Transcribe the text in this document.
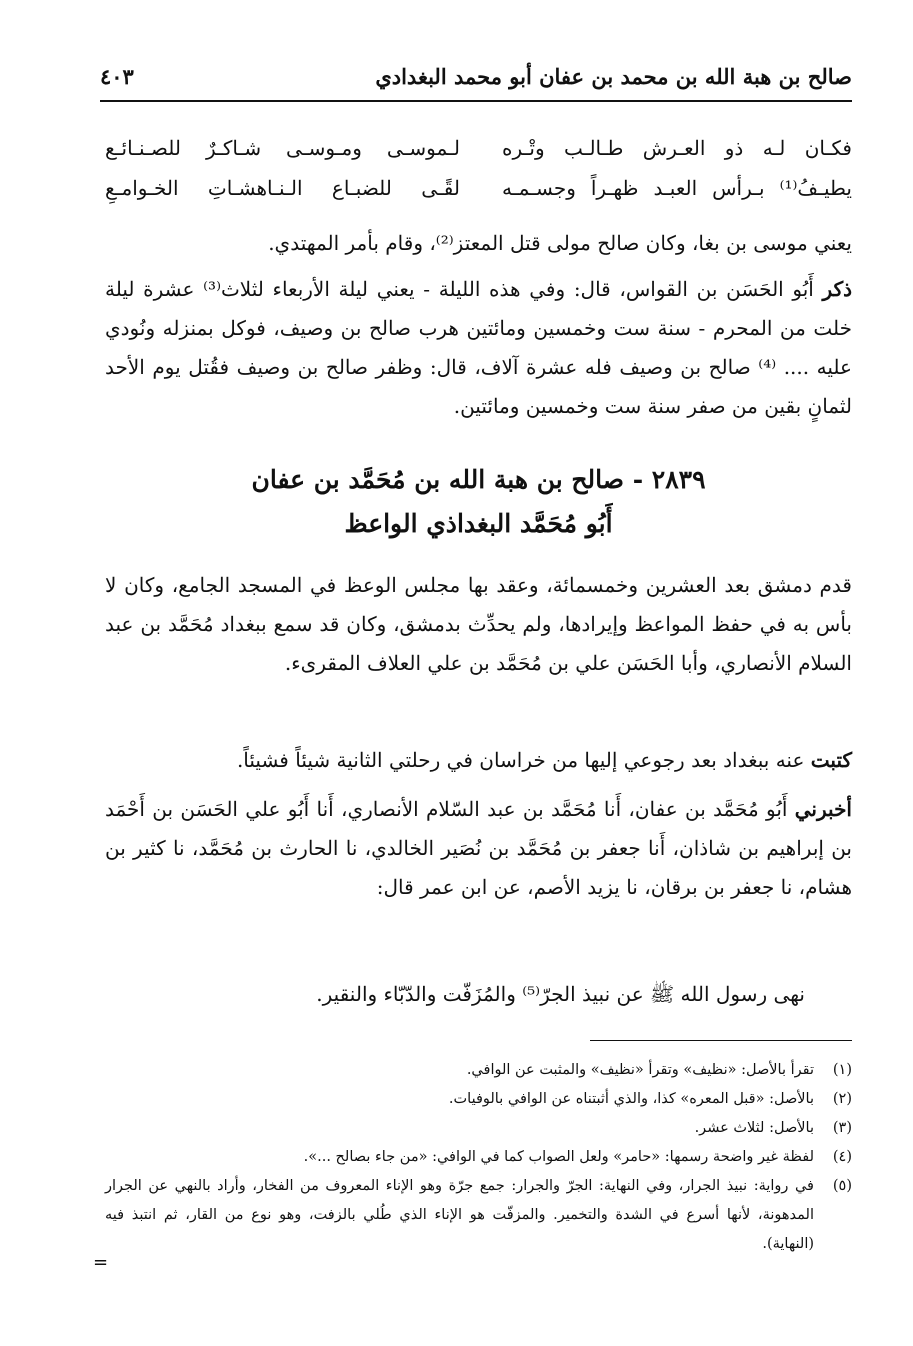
صالح بن هبة الله بن محمد بن عفان أبو محمد البغدادي
٤٠٣
فكـان لـه ذو العـرش طـالـب وتْـره
لـموسـى ومـوسـى شـاكـرٌ للصـنـائـع
يطيـفُ⁽¹⁾ بـرأس العبـد ظهـراً وجسـمـه
لقًـى للضبـاع الـنـاهشـاتِ الخـوامـعِ
يعني موسى بن بغا، وكان صالح مولى قتل المعتز⁽²⁾، وقام بأمر المهتدي.
ذكر أَبُو الحَسَن بن القواس، قال: وفي هذه الليلة - يعني ليلة الأربعاء لثلاث⁽³⁾ عشرة ليلة خلت من المحرم - سنة ست وخمسين ومائتين هرب صالح بن وصيف، فوكل بمنزله ونُودي عليه .... ⁽⁴⁾ صالح بن وصيف فله عشرة آلاف، قال: وظفر صالح بن وصيف فقُتل يوم الأحد لثمانٍ بقين من صفر سنة ست وخمسين ومائتين.
٢٨٣٩ - صالح بن هبة الله بن مُحَمَّد بن عفان
أَبُو مُحَمَّد البغداذي الواعظ
قدم دمشق بعد العشرين وخمسمائة، وعقد بها مجلس الوعظ في المسجد الجامع، وكان لا بأس به في حفظ المواعظ وإيرادها، ولم يحدِّث بدمشق، وكان قد سمع ببغداد مُحَمَّد بن عبد السلام الأنصاري، وأبا الحَسَن علي بن مُحَمَّد بن علي العلاف المقرىء.
كتبت عنه ببغداد بعد رجوعي إليها من خراسان في رحلتي الثانية شيئاً فشيئاً.
أخبرني أَبُو مُحَمَّد بن عفان، أَنا مُحَمَّد بن عبد السّلام الأنصاري، أَنا أَبُو علي الحَسَن بن أَحْمَد بن إبراهيم بن شاذان، أَنا جعفر بن مُحَمَّد بن نُصَير الخالدي، نا الحارث بن مُحَمَّد، نا كثير بن هشام، نا جعفر بن برقان، نا يزيد الأصم، عن ابن عمر قال:
نهى رسول الله ﷺ عن نبيذ الجرّ⁽⁵⁾ والمُزَفّت والدّبّاء والنقير.
(١)
تقرأ بالأصل: «نظيف» وتقرأ «نظيف» والمثبت عن الوافي.
(٢)
بالأصل: «قبل المعره» كذا، والذي أثبتناه عن الوافي بالوفيات.
(٣)
بالأصل: لثلاث عشر.
(٤)
لفظة غير واضحة رسمها: «حامر» ولعل الصواب كما في الوافي: «من جاء بصالح ...».
(٥)
في رواية: نبيذ الجرار، وفي النهاية: الجرّ والجرار: جمع جرّة وهو الإناء المعروف من الفخار، وأراد بالنهي عن الجرار المدهونة، لأنها أسرع في الشدة والتخمير. والمزفّت هو الإناء الذي طُلي بالزفت، وهو نوع من القار، ثم انتبذ فيه (النهاية).
=
